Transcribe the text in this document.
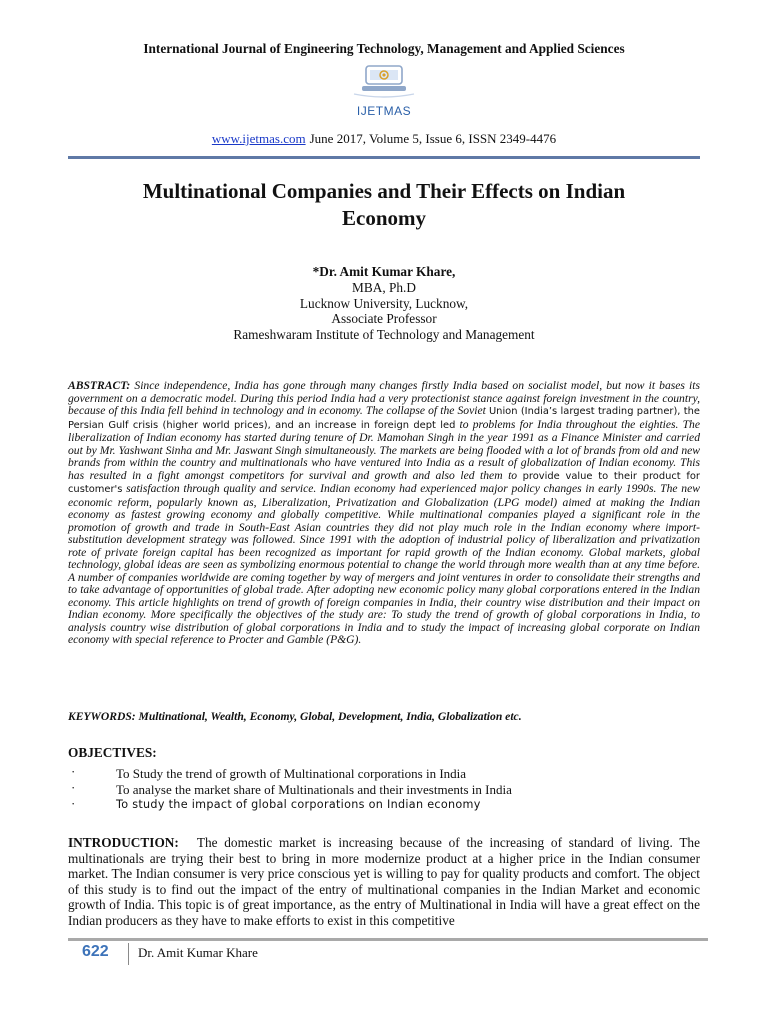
International Journal of Engineering Technology, Management and Applied Sciences
IJETMAS
www.ijetmas.com June 2017, Volume 5, Issue 6, ISSN 2349-4476
Multinational Companies and Their Effects on Indian
Economy
*Dr. Amit Kumar Khare,
MBA, Ph.D
Lucknow University, Lucknow,
Associate Professor
Rameshwaram Institute of Technology and Management
ABSTRACT: Since independence, India has gone through many changes firstly India based on socialist model, but now it bases its government on a democratic model. During this period India had a very protectionist stance against foreign investment in the country, because of this India fell behind in technology and in economy. The collapse of the Soviet Union (India’s largest trading partner), the Persian Gulf crisis (higher world prices), and an increase in foreign dept led to problems for India throughout the eighties. The liberalization of Indian economy has started during tenure of Dr. Mamohan Singh in the year 1991 as a Finance Minister and carried out by Mr. Yashwant Sinha and Mr. Jaswant Singh simultaneously. The markets are being flooded with a lot of brands from old and new brands from within the country and multinationals who have ventured into India as a result of globalization of Indian economy. This has resulted in a fight amongst competitors for survival and growth and also led them to provide value to their product for customer's satisfaction through quality and service. Indian economy had experienced major policy changes in early 1990s. The new economic reform, popularly known as, Liberalization, Privatization and Globalization (LPG model) aimed at making the Indian economy as fastest growing economy and globally competitive. While multinational companies played a significant role in the promotion of growth and trade in South-East Asian countries they did not play much role in the Indian economy where import-substitution development strategy was followed. Since 1991 with the adoption of industrial policy of liberalization and privatization rote of private foreign capital has been recognized as important for rapid growth of the Indian economy. Global markets, global technology, global ideas are seen as symbolizing enormous potential to change the world through more wealth than at any time before. A number of companies worldwide are coming together by way of mergers and joint ventures in order to consolidate their strengths and to take advantage of opportunities of global trade. After adopting new economic policy many global corporations entered in the Indian economy. This article highlights on trend of growth of foreign companies in India, their country wise distribution and their impact on Indian economy. More specifically the objectives of the study are: To study the trend of growth of global corporations in India, to analysis country wise distribution of global corporations in India and to study the impact of increasing global corporate on Indian economy with special reference to Procter and Gamble (P&G).
KEYWORDS: Multinational, Wealth, Economy, Global, Development, India, Globalization etc.
OBJECTIVES:
·	To Study the trend of growth of Multinational corporations in India
·	To analyse the market share of Multinationals and their investments in India
·	To study the impact of global corporations on Indian economy
INTRODUCTION: The domestic market is increasing because of the increasing of standard of living. The multinationals are trying their best to bring in more modernize product at a higher price in the Indian consumer market. The Indian consumer is very price conscious yet is willing to pay for quality products and comfort. The object of this study is to find out the impact of the entry of multinational companies in the Indian Market and economic growth of India. This topic is of great importance, as the entry of Multinational in India will have a great effect on the Indian producers as they have to make efforts to exist in this competitive
622	Dr. Amit Kumar Khare
